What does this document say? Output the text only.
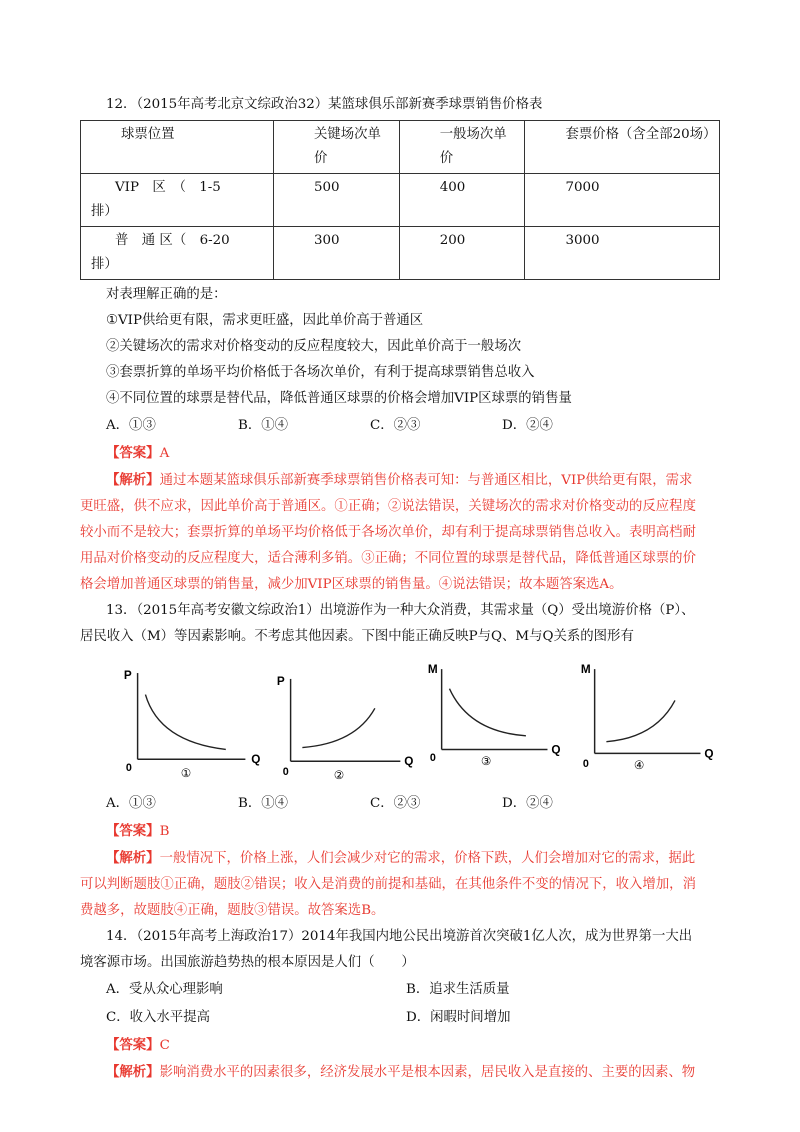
12．（2015年高考北京文综政治32）某篮球俱乐部新赛季球票销售价格表

球票位置	关键场次单价	一般场次单价	套票价格（含全部20场）

VIP　区　（　1-5
排）	500	400	7000

普　通 区（　6-20
排）	300	200	3000

对表理解正确的是：

①VIP供给更有限，需求更旺盛，因此单价高于普通区

②关键场次的需求对价格变动的反应程度较大，因此单价高于一般场次

③套票折算的单场平均价格低于各场次单价，有利于提高球票销售总收入

④不同位置的球票是替代品，降低普通区球票的价格会增加VIP区球票的销售量

A．①③	B．①④	C．②③	D．②④

【答案】A

【解析】通过本题某篮球俱乐部新赛季球票销售价格表可知：与普通区相比，VIP供给更有限，需求

更旺盛，供不应求，因此单价高于普通区。①正确；②说法错误，关键场次的需求对价格变动的反应程度

较小而不是较大；套票折算的单场平均价格低于各场次单价，却有利于提高球票销售总收入。表明高档耐

用品对价格变动的反应程度大，适合薄利多销。③正确；不同位置的球票是替代品，降低普通区球票的价

格会增加普通区球票的销售量，减少加VIP区球票的销售量。④说法错误；故本题答案选A。

13．（2015年高考安徽文综政治1）出境游作为一种大众消费，其需求量（Q）受出境游价格（P）、

居民收入（M）等因素影响。不考虑其他因素。下图中能正确反映P与Q、M与Q关系的图形有

P
Q
0	①
P
Q
0	②
M
Q
0	③
M
Q
0	④
A．①③	B．①④	C．②③	D．②④

【答案】B

【解析】一般情况下，价格上涨，人们会减少对它的需求，价格下跌，人们会增加对它的需求，据此

可以判断题肢①正确，题肢②错误；收入是消费的前提和基础，在其他条件不变的情况下，收入增加，消

费越多，故题肢④正确，题肢③错误。故答案选B。

14．（2015年高考上海政治17）2014年我国内地公民出境游首次突破1亿人次，成为世界第一大出

境客源市场。出国旅游趋势热的根本原因是人们（　　）

A．受从众心理影响	B．追求生活质量
C．收入水平提高	D．闲暇时间增加

【答案】C

【解析】影响消费水平的因素很多，经济发展水平是根本因素，居民收入是直接的、主要的因素、物
